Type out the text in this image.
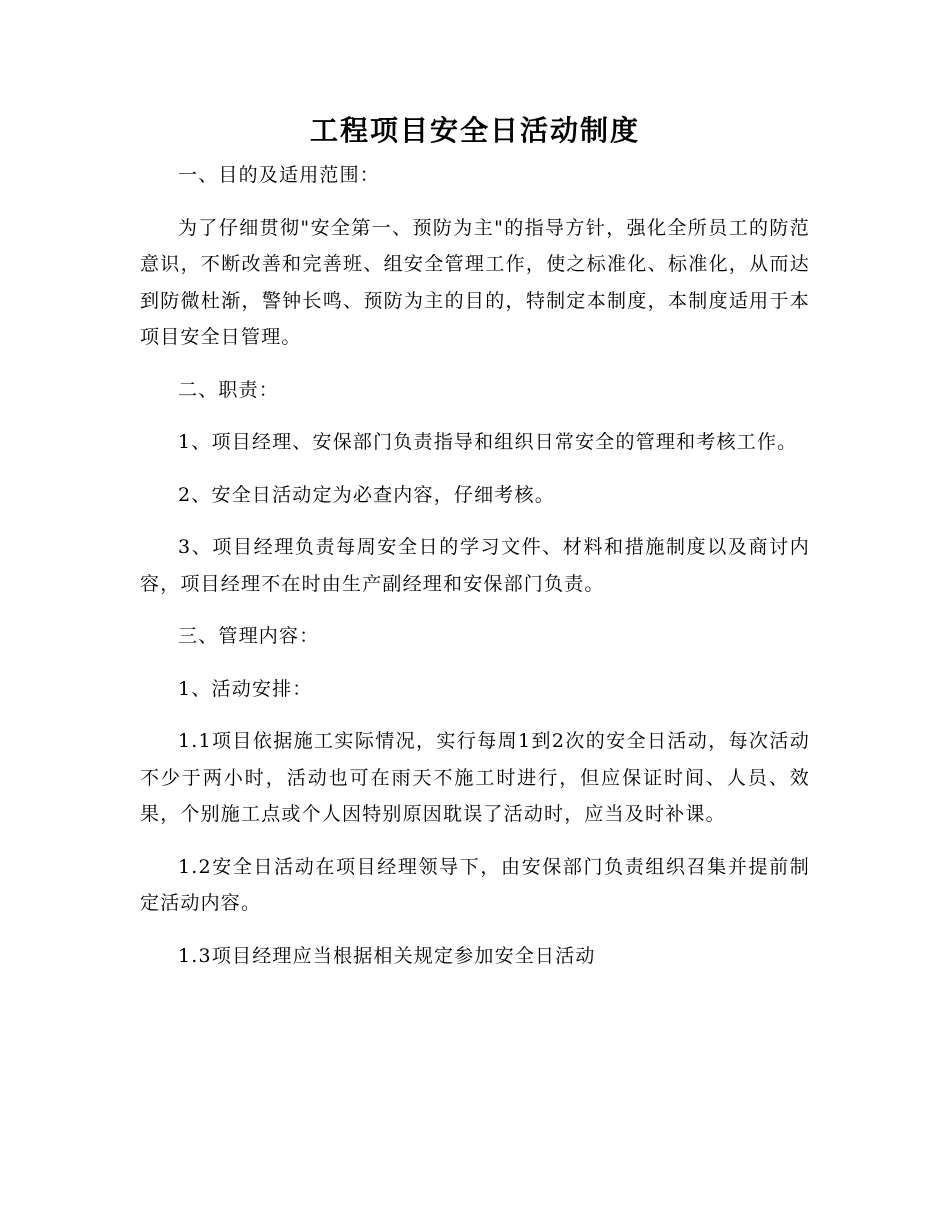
工程项目安全日活动制度

一、目的及适用范围：

为了仔细贯彻"安全第一、预防为主"的指导方针，强化全所员工的防范意识，不断改善和完善班、组安全管理工作，使之标准化、标准化，从而达到防微杜渐，警钟长鸣、预防为主的目的，特制定本制度，本制度适用于本项目安全日管理。

二、职责：

1、项目经理、安保部门负责指导和组织日常安全的管理和考核工作。

2、安全日活动定为必查内容，仔细考核。

3、项目经理负责每周安全日的学习文件、材料和措施制度以及商讨内容，项目经理不在时由生产副经理和安保部门负责。

三、管理内容：

1、活动安排：

1.1项目依据施工实际情况，实行每周1到2次的安全日活动，每次活动不少于两小时，活动也可在雨天不施工时进行，但应保证时间、人员、效果，个别施工点或个人因特别原因耽误了活动时，应当及时补课。

1.2安全日活动在项目经理领导下，由安保部门负责组织召集并提前制定活动内容。

1.3项目经理应当根据相关规定参加安全日活动
